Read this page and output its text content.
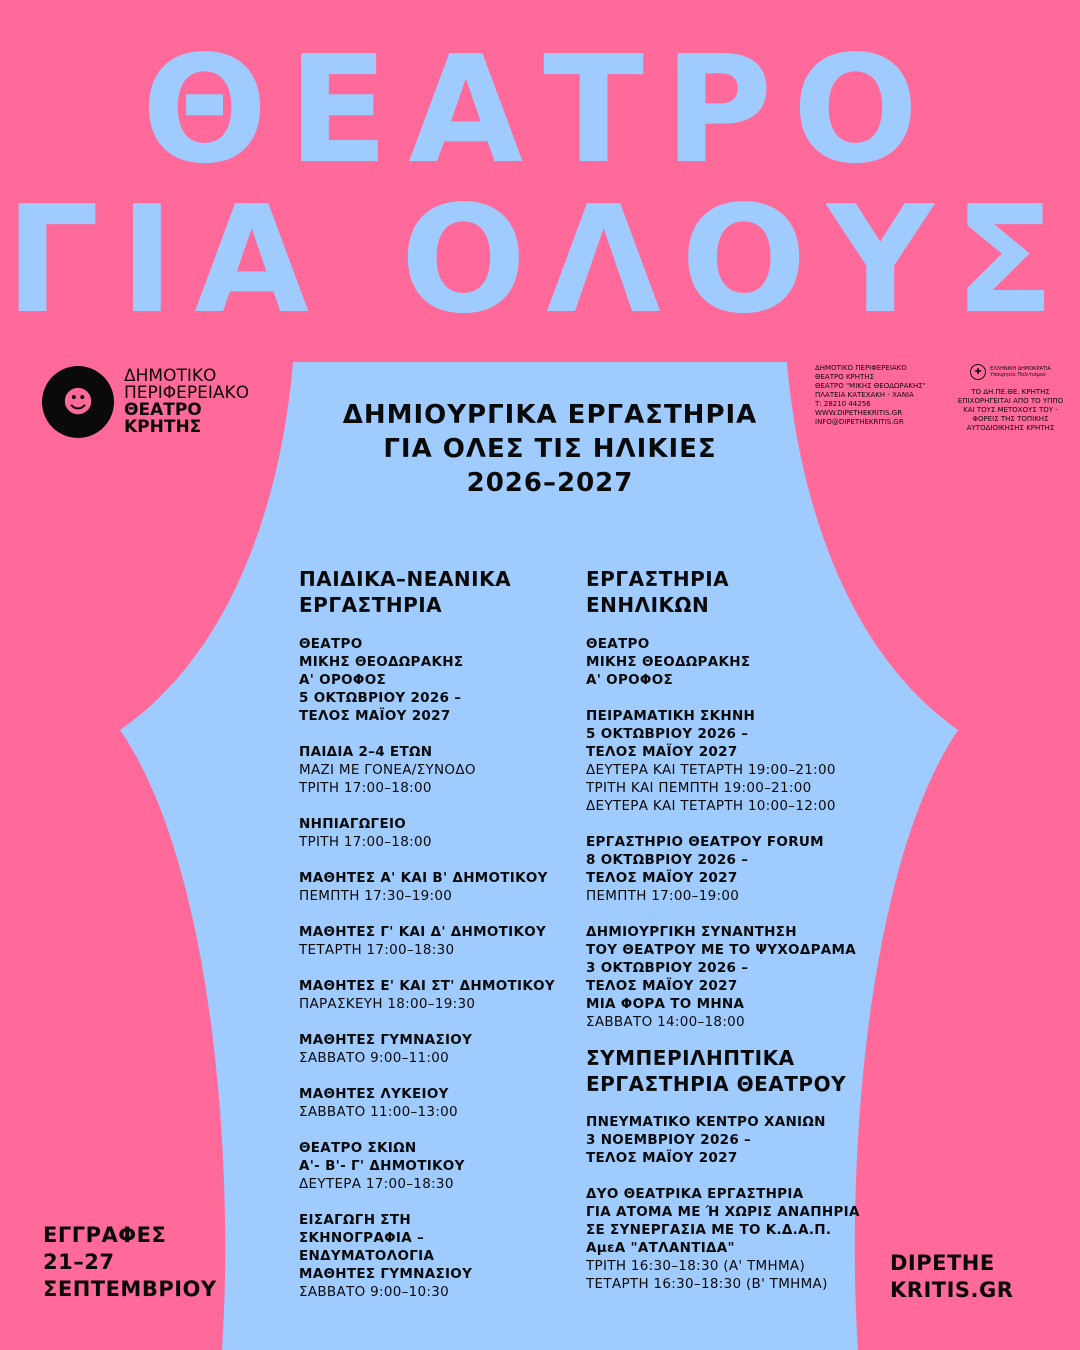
ΘΕΑΤΡΟ
ΓΙΑ ΟΛΟΥΣ
☻
ΔΗΜΟΤΙΚΟ
ΠΕΡΙΦΕΡΕΙΑΚΟ
ΘΕΑΤΡΟ
ΚΡΗΤΗΣ
ΔΗΜΟΤΙΚΟ ΠΕΡΙΦΕΡΕΙΑΚΟ
ΘΕΑΤΡΟ ΚΡΗΤΗΣ
ΘΕΑΤΡΟ "ΜΙΚΗΣ ΘΕΟΔΩΡΑΚΗΣ"
ΠΛΑΤΕΙΑ ΚΑΤΕΧΑΚΗ - ΧΑΝΙΑ
Τ: 28210 44256
WWW.DIPETHEKRITIS.GR
INFO@DIPETHEKRITIS.GR
✚	ΕΛΛΗΝΙΚΗ ΔΗΜΟΚΡΑΤΙΑ
Υπουργείο Πολιτισμού
ΤΟ ΔΗ.ΠΕ.ΘΕ. ΚΡΗΤΗΣ
ΕΠΙΧΟΡΗΓΕΙΤΑΙ ΑΠΟ ΤΟ ΥΠΠΟ
ΚΑΙ ΤΟΥΣ ΜΕΤΟΧΟΥΣ ΤΟΥ -
ΦΟΡΕΙΣ ΤΗΣ ΤΟΠΙΚΗΣ
ΑΥΤΟΔΙΟΙΚΗΣΗΣ ΚΡΗΤΗΣ
ΔΗΜΙΟΥΡΓΙΚΑ ΕΡΓΑΣΤΗΡΙΑ
ΓΙΑ ΟΛΕΣ ΤΙΣ ΗΛΙΚΙΕΣ
2026–2027
ΠΑΙΔΙΚΑ–ΝΕΑΝΙΚΑ
ΕΡΓΑΣΤΗΡΙΑ
ΘΕΑΤΡΟ
ΜΙΚΗΣ ΘΕΟΔΩΡΑΚΗΣ
Α' ΟΡΟΦΟΣ
5 ΟΚΤΩΒΡΙΟΥ 2026 –
ΤΕΛΟΣ ΜΑΪΟΥ 2027
ΠΑΙΔΙΑ 2–4 ΕΤΩΝ
ΜΑΖΙ ΜΕ ΓΟΝΕΑ/ΣΥΝΟΔΟ
ΤΡΙΤΗ 17:00–18:00
ΝΗΠΙΑΓΩΓΕΙΟ
ΤΡΙΤΗ 17:00–18:00
ΜΑΘΗΤΕΣ Α' ΚΑΙ Β' ΔΗΜΟΤΙΚΟΥ
ΠΕΜΠΤΗ 17:30–19:00
ΜΑΘΗΤΕΣ Γ' ΚΑΙ Δ' ΔΗΜΟΤΙΚΟΥ
ΤΕΤΑΡΤΗ 17:00–18:30
ΜΑΘΗΤΕΣ Ε' ΚΑΙ ΣΤ' ΔΗΜΟΤΙΚΟΥ
ΠΑΡΑΣΚΕΥΗ 18:00–19:30
ΜΑΘΗΤΕΣ ΓΥΜΝΑΣΙΟΥ
ΣΑΒΒΑΤΟ 9:00–11:00
ΜΑΘΗΤΕΣ ΛΥΚΕΙΟΥ
ΣΑΒΒΑΤΟ 11:00–13:00
ΘΕΑΤΡΟ ΣΚΙΩΝ
Α'- Β'- Γ' ΔΗΜΟΤΙΚΟΥ
ΔΕΥΤΕΡΑ 17:00–18:30
ΕΙΣΑΓΩΓΗ ΣΤΗ
ΣΚΗΝΟΓΡΑΦΙΑ –
ΕΝΔΥΜΑΤΟΛΟΓΙΑ
ΜΑΘΗΤΕΣ ΓΥΜΝΑΣΙΟΥ
ΣΑΒΒΑΤΟ 9:00–10:30
ΕΡΓΑΣΤΗΡΙΑ
ΕΝΗΛΙΚΩΝ
ΘΕΑΤΡΟ
ΜΙΚΗΣ ΘΕΟΔΩΡΑΚΗΣ
Α' ΟΡΟΦΟΣ
ΠΕΙΡΑΜΑΤΙΚΗ ΣΚΗΝΗ
5 ΟΚΤΩΒΡΙΟΥ 2026 –
ΤΕΛΟΣ ΜΑΪΟΥ 2027
ΔΕΥΤΕΡΑ ΚΑΙ ΤΕΤΑΡΤΗ 19:00–21:00
ΤΡΙΤΗ ΚΑΙ ΠΕΜΠΤΗ 19:00–21:00
ΔΕΥΤΕΡΑ ΚΑΙ ΤΕΤΑΡΤΗ 10:00–12:00
ΕΡΓΑΣΤΗΡΙΟ ΘΕΑΤΡΟΥ FORUM
8 ΟΚΤΩΒΡΙΟΥ 2026 –
ΤΕΛΟΣ ΜΑΪΟΥ 2027
ΠΕΜΠΤΗ 17:00–19:00
ΔΗΜΙΟΥΡΓΙΚΗ ΣΥΝΑΝΤΗΣΗ
ΤΟΥ ΘΕΑΤΡΟΥ ΜΕ ΤΟ ΨΥΧΟΔΡΑΜΑ
3 ΟΚΤΩΒΡΙΟΥ 2026 –
ΤΕΛΟΣ ΜΑΪΟΥ 2027
ΜΙΑ ΦΟΡΑ ΤΟ ΜΗΝΑ
ΣΑΒΒΑΤΟ 14:00–18:00
ΣΥΜΠΕΡΙΛΗΠΤΙΚΑ
ΕΡΓΑΣΤΗΡΙΑ ΘΕΑΤΡΟΥ
ΠΝΕΥΜΑΤΙΚΟ ΚΕΝΤΡΟ ΧΑΝΙΩΝ
3 ΝΟΕΜΒΡΙΟΥ 2026 –
ΤΕΛΟΣ ΜΑΪΟΥ 2027
ΔΥΟ ΘΕΑΤΡΙΚΑ ΕΡΓΑΣΤΗΡΙΑ
ΓΙΑ ΑΤΟΜΑ ΜΕ Ή ΧΩΡΙΣ ΑΝΑΠΗΡΙΑ
ΣΕ ΣΥΝΕΡΓΑΣΙΑ ΜΕ ΤΟ Κ.Δ.Α.Π.
ΑμεΑ "ΑΤΛΑΝΤΙΔΑ"
ΤΡΙΤΗ 16:30–18:30 (Α' ΤΜΗΜΑ)
ΤΕΤΑΡΤΗ 16:30–18:30 (Β' ΤΜΗΜΑ)
ΕΓΓΡΑΦΕΣ
21–27
ΣΕΠΤΕΜΒΡΙΟΥ
DIPETHE
KRITIS.GR
